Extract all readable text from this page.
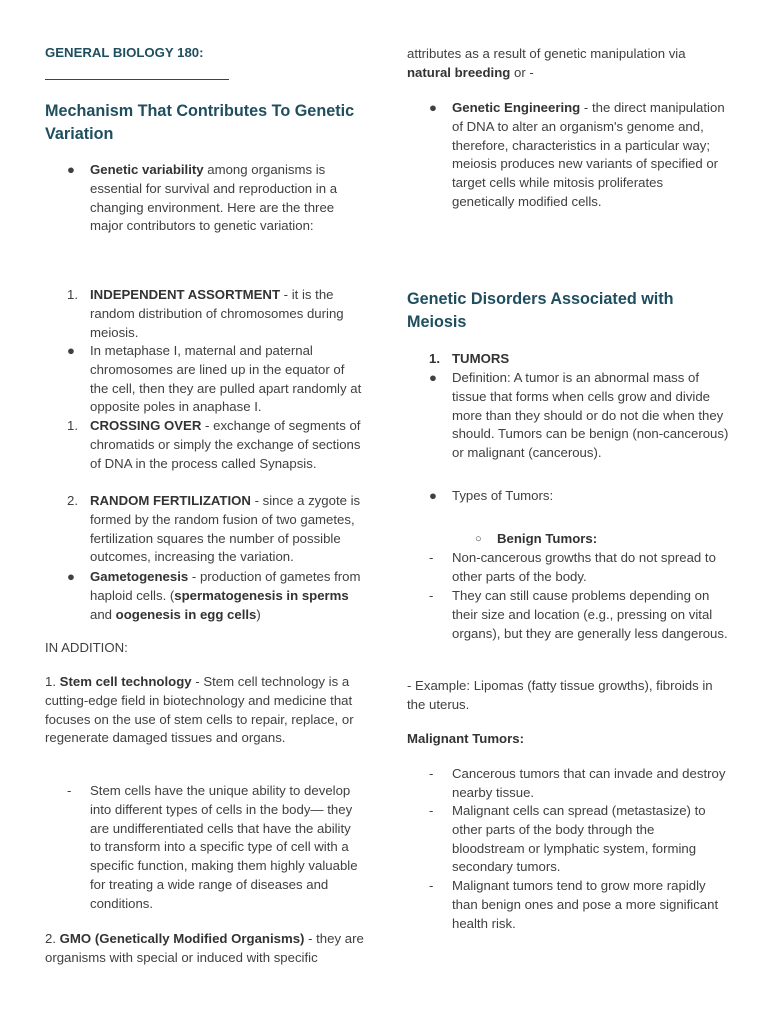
GENERAL BIOLOGY 180:
Mechanism That Contributes To Genetic Variation
●	Genetic variability among organisms is essential for survival and reproduction in a changing environment. Here are the three major contributors to genetic variation:
1. INDEPENDENT ASSORTMENT - it is the random distribution of chromosomes during meiosis.
●	In metaphase I, maternal and paternal chromosomes are lined up in the equator of the cell, then they are pulled apart randomly at opposite poles in anaphase I.
1. CROSSING OVER - exchange of segments of chromatids or simply the exchange of sections of DNA in the process called Synapsis.
2. RANDOM FERTILIZATION - since a zygote is formed by the random fusion of two gametes, fertilization squares the number of possible outcomes, increasing the variation.
●	Gametogenesis - production of gametes from haploid cells. (spermatogenesis in sperms and oogenesis in egg cells)
IN ADDITION:
1. Stem cell technology - Stem cell technology is a cutting-edge field in biotechnology and medicine that focuses on the use of stem cells to repair, replace, or regenerate damaged tissues and organs.
-	Stem cells have the unique ability to develop into different types of cells in the body— they are undifferentiated cells that have the ability to transform into a specific type of cell with a specific function, making them highly valuable for treating a wide range of diseases and conditions.
2. GMO (Genetically Modified Organisms) - they are organisms with special or induced with specific
attributes as a result of genetic manipulation via natural breeding or -
●	Genetic Engineering - the direct manipulation of DNA to alter an organism's genome and, therefore, characteristics in a particular way; meiosis produces new variants of specified or target cells while mitosis proliferates genetically modified cells.
Genetic Disorders Associated with Meiosis
1. TUMORS
●	Definition: A tumor is an abnormal mass of tissue that forms when cells grow and divide more than they should or do not die when they should. Tumors can be benign (non-cancerous) or malignant (cancerous).
●	Types of Tumors:
○	Benign Tumors:
-	Non-cancerous growths that do not spread to other parts of the body.
-	They can still cause problems depending on their size and location (e.g., pressing on vital organs), but they are generally less dangerous.
- Example: Lipomas (fatty tissue growths), fibroids in the uterus.
Malignant Tumors:
-	Cancerous tumors that can invade and destroy nearby tissue.
-	Malignant cells can spread (metastasize) to other parts of the body through the bloodstream or lymphatic system, forming secondary tumors.
-	Malignant tumors tend to grow more rapidly than benign ones and pose a more significant health risk.
